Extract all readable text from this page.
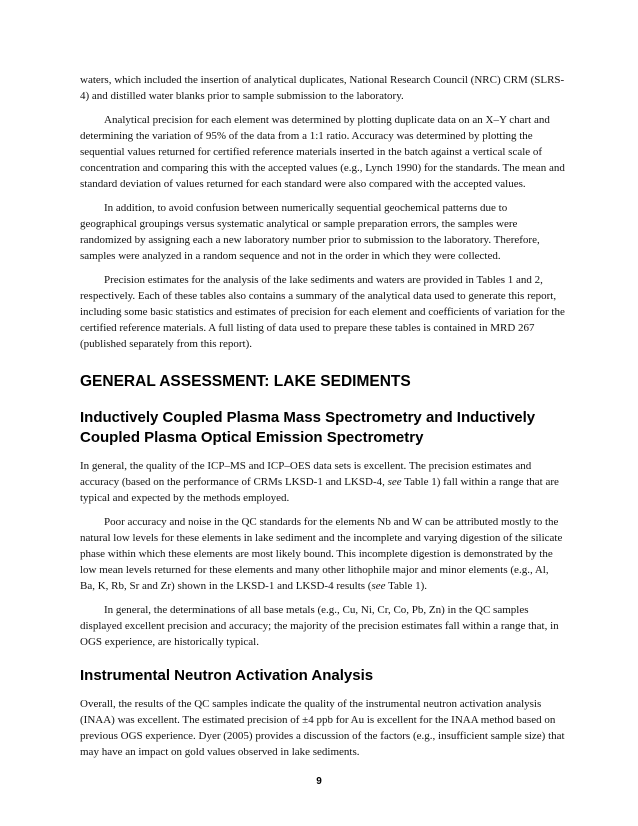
waters, which included the insertion of analytical duplicates, National Research Council (NRC) CRM (SLRS-4) and distilled water blanks prior to sample submission to the laboratory.

Analytical precision for each element was determined by plotting duplicate data on an X–Y chart and determining the variation of 95% of the data from a 1:1 ratio. Accuracy was determined by plotting the sequential values returned for certified reference materials inserted in the batch against a vertical scale of concentration and comparing this with the accepted values (e.g., Lynch 1990) for the standards. The mean and standard deviation of values returned for each standard were also compared with the accepted values.

In addition, to avoid confusion between numerically sequential geochemical patterns due to geographical groupings versus systematic analytical or sample preparation errors, the samples were randomized by assigning each a new laboratory number prior to submission to the laboratory. Therefore, samples were analyzed in a random sequence and not in the order in which they were collected.

Precision estimates for the analysis of the lake sediments and waters are provided in Tables 1 and 2, respectively. Each of these tables also contains a summary of the analytical data used to generate this report, including some basic statistics and estimates of precision for each element and coefficients of variation for the certified reference materials. A full listing of data used to prepare these tables is contained in MRD 267 (published separately from this report).

GENERAL ASSESSMENT: LAKE SEDIMENTS
Inductively Coupled Plasma Mass Spectrometry and Inductively Coupled Plasma Optical Emission Spectrometry

In general, the quality of the ICP–MS and ICP–OES data sets is excellent. The precision estimates and accuracy (based on the performance of CRMs LKSD-1 and LKSD-4, see Table 1) fall within a range that are typical and expected by the methods employed.

Poor accuracy and noise in the QC standards for the elements Nb and W can be attributed mostly to the natural low levels for these elements in lake sediment and the incomplete and varying digestion of the silicate phase within which these elements are most likely bound. This incomplete digestion is demonstrated by the low mean levels returned for these elements and many other lithophile major and minor elements (e.g., Al, Ba, K, Rb, Sr and Zr) shown in the LKSD-1 and LKSD-4 results (see Table 1).

In general, the determinations of all base metals (e.g., Cu, Ni, Cr, Co, Pb, Zn) in the QC samples displayed excellent precision and accuracy; the majority of the precision estimates fall within a range that, in OGS experience, are historically typical.

Instrumental Neutron Activation Analysis

Overall, the results of the QC samples indicate the quality of the instrumental neutron activation analysis (INAA) was excellent. The estimated precision of ±4 ppb for Au is excellent for the INAA method based on previous OGS experience. Dyer (2005) provides a discussion of the factors (e.g., insufficient sample size) that may have an impact on gold values observed in lake sediments.

9
